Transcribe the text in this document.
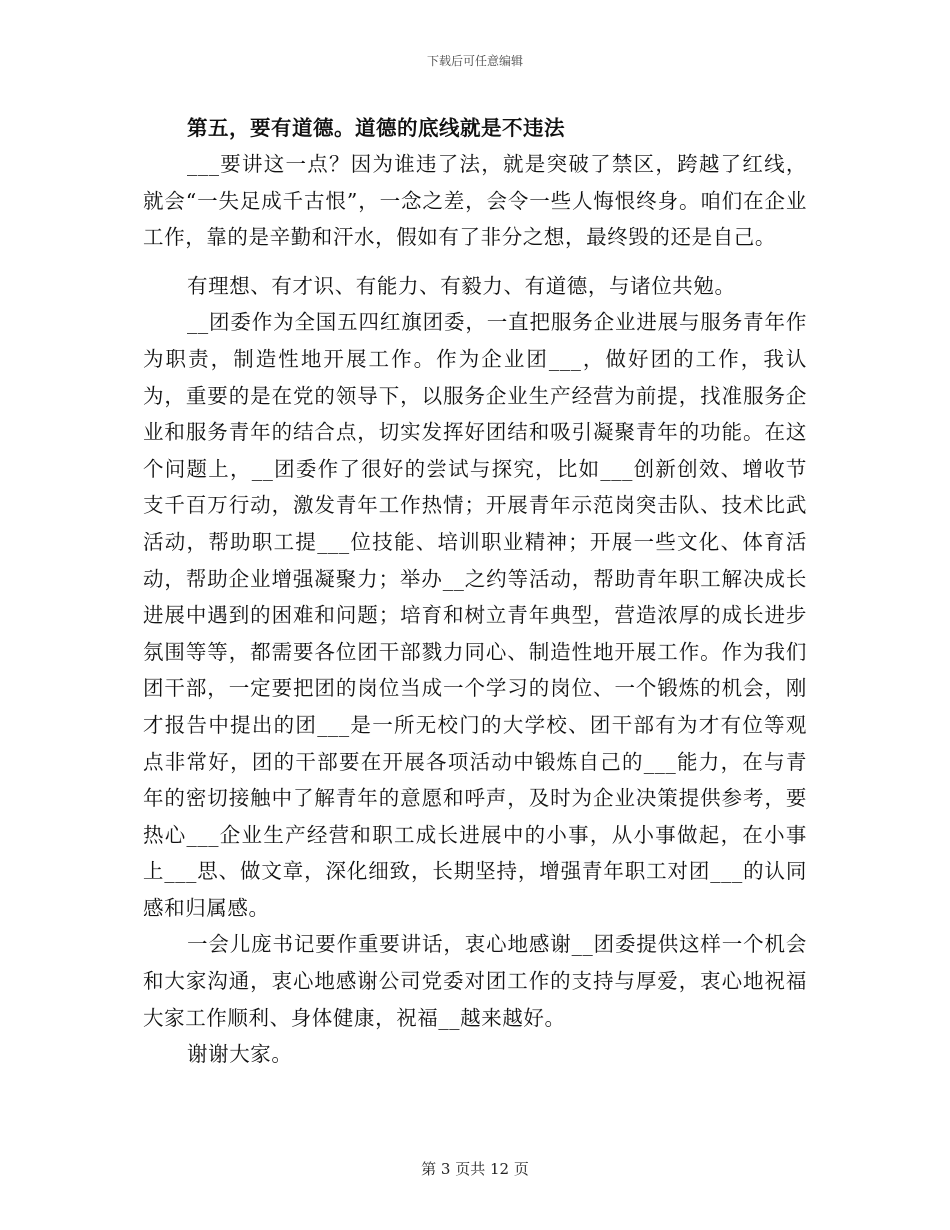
下载后可任意编辑

第五，要有道德。道德的底线就是不违法

___要讲这一点？因为谁违了法，就是突破了禁区，跨越了红线，就会“一失足成千古恨”，一念之差，会令一些人悔恨终身。咱们在企业工作，靠的是辛勤和汗水，假如有了非分之想，最终毁的还是自己。

有理想、有才识、有能力、有毅力、有道德，与诸位共勉。

__团委作为全国五四红旗团委，一直把服务企业进展与服务青年作为职责，制造性地开展工作。作为企业团___，做好团的工作，我认为，重要的是在党的领导下，以服务企业生产经营为前提，找准服务企业和服务青年的结合点，切实发挥好团结和吸引凝聚青年的功能。在这个问题上，__团委作了很好的尝试与探究，比如___创新创效、增收节支千百万行动，激发青年工作热情；开展青年示范岗突击队、技术比武活动，帮助职工提___位技能、培训职业精神；开展一些文化、体育活动，帮助企业增强凝聚力；举办__之约等活动，帮助青年职工解决成长进展中遇到的困难和问题；培育和树立青年典型，营造浓厚的成长进步氛围等等，都需要各位团干部戮力同心、制造性地开展工作。作为我们团干部，一定要把团的岗位当成一个学习的岗位、一个锻炼的机会，刚才报告中提出的团___是一所无校门的大学校、团干部有为才有位等观点非常好，团的干部要在开展各项活动中锻炼自己的___能力，在与青年的密切接触中了解青年的意愿和呼声，及时为企业决策提供参考，要热心___企业生产经营和职工成长进展中的小事，从小事做起，在小事上___思、做文章，深化细致，长期坚持，增强青年职工对团___的认同感和归属感。

一会儿庞书记要作重要讲话，衷心地感谢__团委提供这样一个机会和大家沟通，衷心地感谢公司党委对团工作的支持与厚爱，衷心地祝福大家工作顺利、身体健康，祝福__越来越好。

谢谢大家。

第 3 页共 12 页
